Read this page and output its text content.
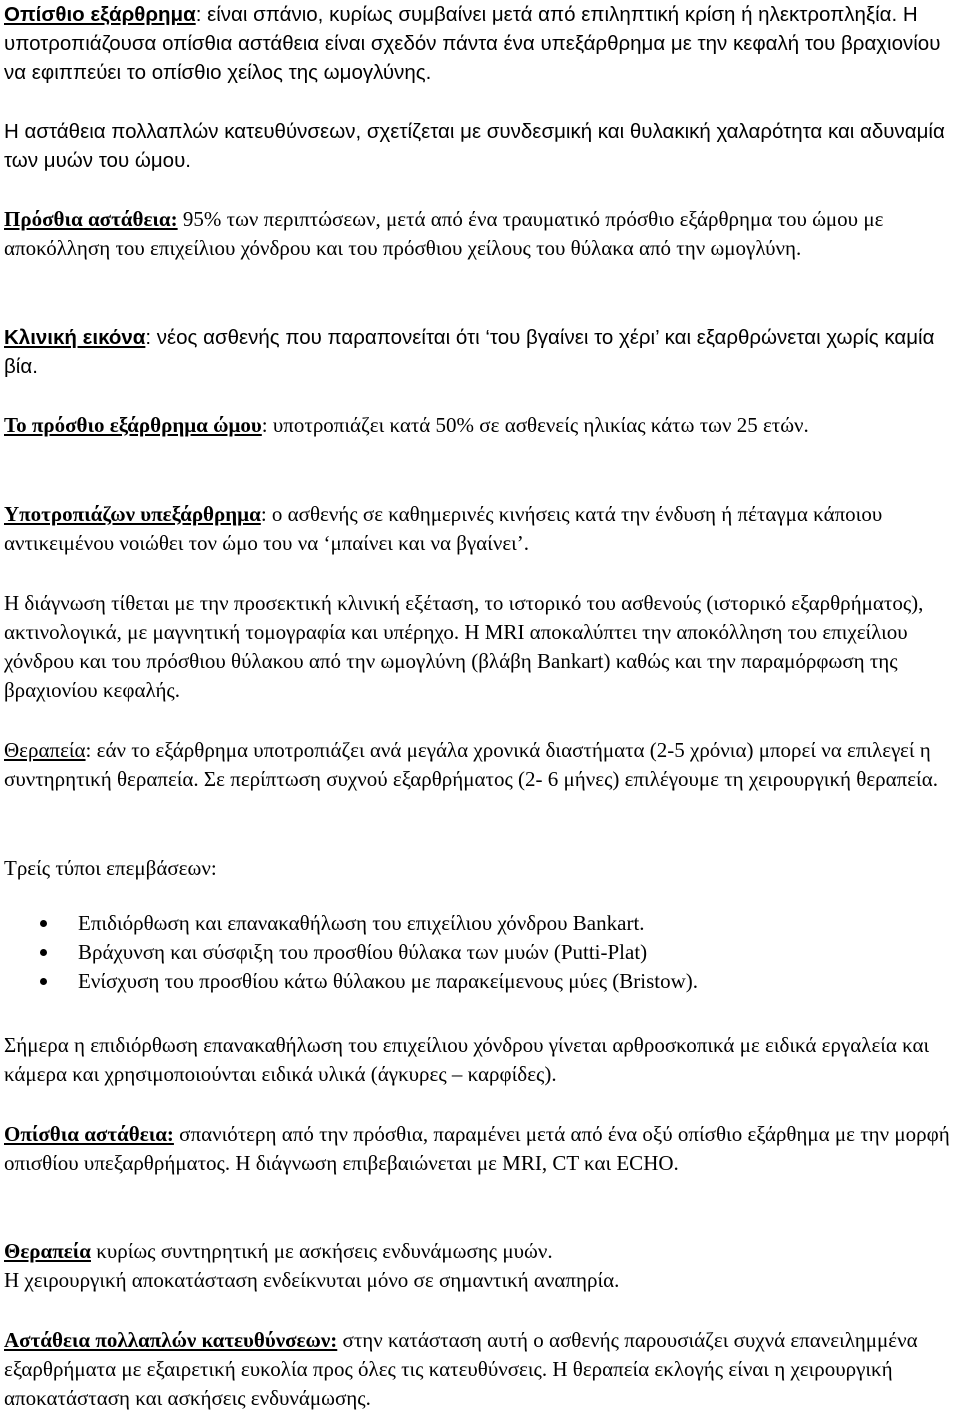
Οπίσθιο εξάρθρημα: είναι σπάνιο, κυρίως συμβαίνει μετά από επιληπτική κρίση ή ηλεκτροπληξία. Η υποτροπιάζουσα οπίσθια αστάθεια είναι σχεδόν πάντα ένα υπεξάρθρημα με την κεφαλή του βραχιονίου να εφιππεύει το οπίσθιο χείλος της ωμογλύνης.

Η αστάθεια πολλαπλών κατευθύνσεων, σχετίζεται με συνδεσμική και θυλακική χαλαρότητα και αδυναμία των μυών του ώμου.

Πρόσθια αστάθεια: 95% των περιπτώσεων, μετά από ένα τραυματικό πρόσθιο εξάρθρημα του ώμου με αποκόλληση του επιχείλιου χόνδρου και του πρόσθιου χείλους του θύλακα από την ωμογλύνη.

Κλινική εικόνα: νέος ασθενής που παραπονείται ότι ‘του βγαίνει το χέρι’ και εξαρθρώνεται χωρίς καμία βία.

Το πρόσθιο εξάρθρημα ώμου: υποτροπιάζει κατά 50% σε ασθενείς ηλικίας κάτω των 25 ετών.

Υποτροπιάζων υπεξάρθρημα: ο ασθενής σε καθημερινές κινήσεις κατά την ένδυση ή πέταγμα κάποιου αντικειμένου νοιώθει τον ώμο του να ‘μπαίνει και να βγαίνει’.

Η διάγνωση τίθεται με την προσεκτική κλινική εξέταση, το ιστορικό του ασθενούς (ιστορικό εξαρθρήματος), ακτινολογικά, με μαγνητική τομογραφία και υπέρηχο. Η MRI αποκαλύπτει την αποκόλληση του επιχείλιου χόνδρου και του πρόσθιου θύλακου από την ωμογλύνη (βλάβη Bankart) καθώς και την παραμόρφωση της βραχιονίου κεφαλής.

Θεραπεία: εάν το εξάρθρημα υποτροπιάζει ανά μεγάλα χρονικά διαστήματα (2-5 χρόνια) μπορεί να επιλεγεί η συντηρητική θεραπεία. Σε περίπτωση συχνού εξαρθρήματος (2- 6 μήνες) επιλέγουμε τη χειρουργική θεραπεία.

Τρείς τύποι επεμβάσεων:

Επιδιόρθωση και επανακαθήλωση του επιχείλιου χόνδρου Bankart.
Βράχυνση και σύσφιξη του προσθίου θύλακα των μυών (Putti-Plat)
Ενίσχυση του προσθίου κάτω θύλακου με παρακείμενους μύες (Bristow).

Σήμερα η επιδιόρθωση επανακαθήλωση του επιχείλιου χόνδρου γίνεται αρθροσκοπικά με ειδικά εργαλεία και κάμερα και χρησιμοποιούνται ειδικά υλικά (άγκυρες – καρφίδες).

Οπίσθια αστάθεια: σπανιότερη από την πρόσθια, παραμένει μετά από ένα οξύ οπίσθιο εξάρθημα με την μορφή οπισθίου υπεξαρθρήματος. Η διάγνωση επιβεβαιώνεται με MRI, CT και ECHO.

Θεραπεία κυρίως συντηρητική με ασκήσεις ενδυνάμωσης μυών.
Η χειρουργική αποκατάσταση ενδείκνυται μόνο σε σημαντική αναπηρία.

Αστάθεια πολλαπλών κατευθύνσεων: στην κατάσταση αυτή ο ασθενής παρουσιάζει συχνά επανειλημμένα εξαρθρήματα με εξαιρετική ευκολία προς όλες τις κατευθύνσεις. Η θεραπεία εκλογής είναι η χειρουργική αποκατάσταση και ασκήσεις ενδυνάμωσης.
